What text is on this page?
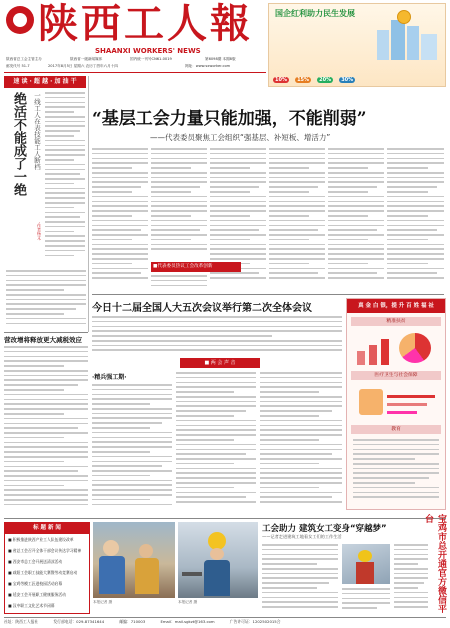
陕西工人報
SHAANXI WORKERS' NEWS
陕西省总工会主管主办	陕西省一级新闻媒体	国内统一刊号CN61-0019	第6098期 本期8版
邮发代号 51-7	2017年8月5日 星期六 农历丁酉年六月十四	网址：www.sxworker.com
国企红利助力民生发展
10% 15% 20% 30%
速 读 · 超 越 · 加 油 干
绝活不能成了一绝	一线工人在表技能工人断档
·作者杨文·
“基层工会力量只能加强，不能削弱”
——代表委员聚焦工会组织“强基层、补短板、增活力”
■代表委员热议工会改革创新
今日十二届全国人大五次会议举行第二次全体会议
■ 两 会 声 音
真 金 白 银，提 升 百 姓 福 祉
精准扶贫
医疗卫生与社会保障
教育
营改增将释放更大减税效应
·精兵强工期·
标 题 新 闻
■ 积极推进陕西产业工人队伍建设改革
■ 省总工会召开全体干部会议传达学习精神
■ 西安市总工会开展送清凉活动
■ 咸阳工会职工技能大赛暨劳动竞赛启动
■ 宝鸡劳模工匠进校园活动启幕
■ 延安工会开展职工健康服务活动
■ 汉中职工文化艺术节闭幕
本报记者 摄	本报记者 摄
工会助力 建筑女工变身“穿越梦”
——记者走进建筑工地看女工们的工作生活	宝鸡市总开通官方微信平台
社址：陕西工人报社	发行部电话：029-87341644	邮编：710003	Email：mail.sgkzt@163.com	广告许可证：1202502015合
